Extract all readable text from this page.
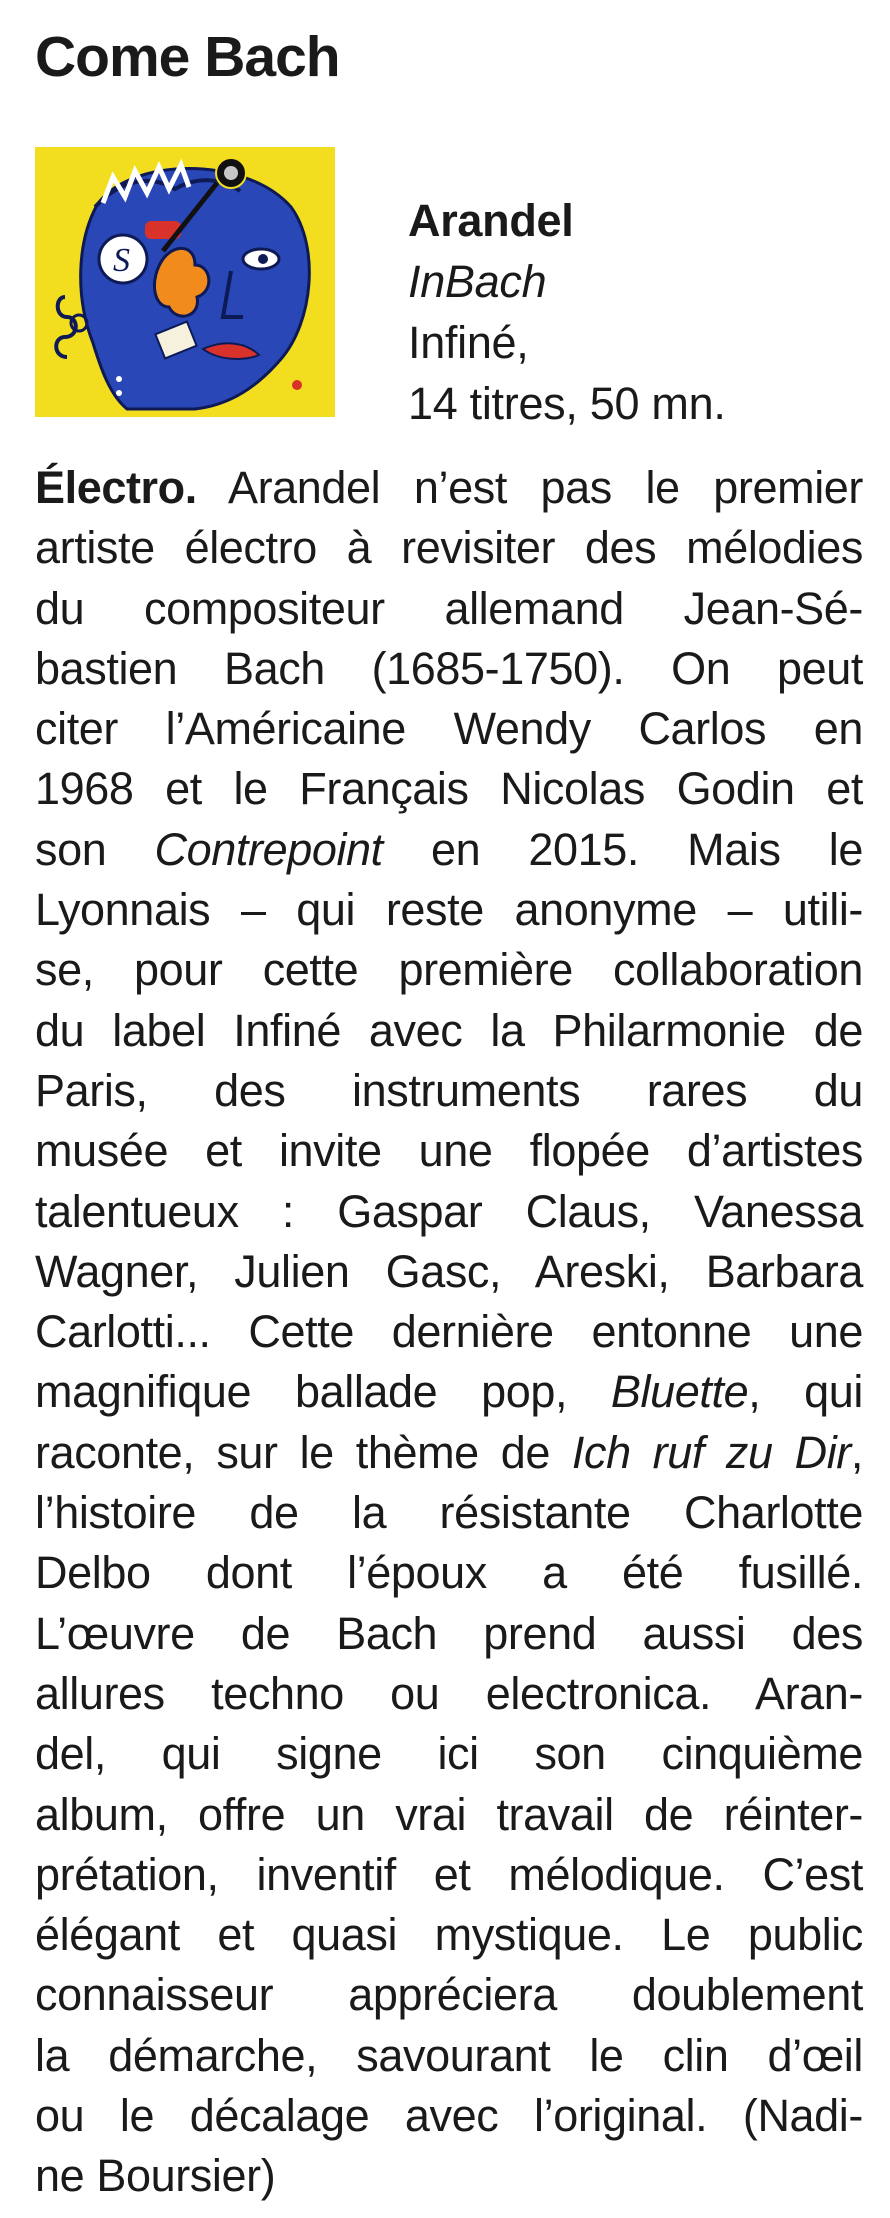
Come Bach
S
Arandel
InBach
Infiné,
14 titres, 50 mn.
Électro. Arandel n’est pas le premier
artiste électro à revisiter des mélodies
du compositeur allemand Jean-Sé-
bastien Bach (1685-1750). On peut
citer l’Américaine Wendy Carlos en
1968 et le Français Nicolas Godin et
son Contrepoint en 2015. Mais le
Lyonnais – qui reste anonyme – utili-
se, pour cette première collaboration
du label Infiné avec la Philarmonie de
Paris, des instruments rares du
musée et invite une flopée d’artistes
talentueux : Gaspar Claus, Vanessa
Wagner, Julien Gasc, Areski, Barbara
Carlotti... Cette dernière entonne une
magnifique ballade pop, Bluette, qui
raconte, sur le thème de Ich ruf zu Dir,
l’histoire de la résistante Charlotte
Delbo dont l’époux a été fusillé.
L’œuvre de Bach prend aussi des
allures techno ou electronica. Aran-
del, qui signe ici son cinquième
album, offre un vrai travail de réinter-
prétation, inventif et mélodique. C’est
élégant et quasi mystique. Le public
connaisseur appréciera doublement
la démarche, savourant le clin d’œil
ou le décalage avec l’original. (Nadi-
ne Boursier)
